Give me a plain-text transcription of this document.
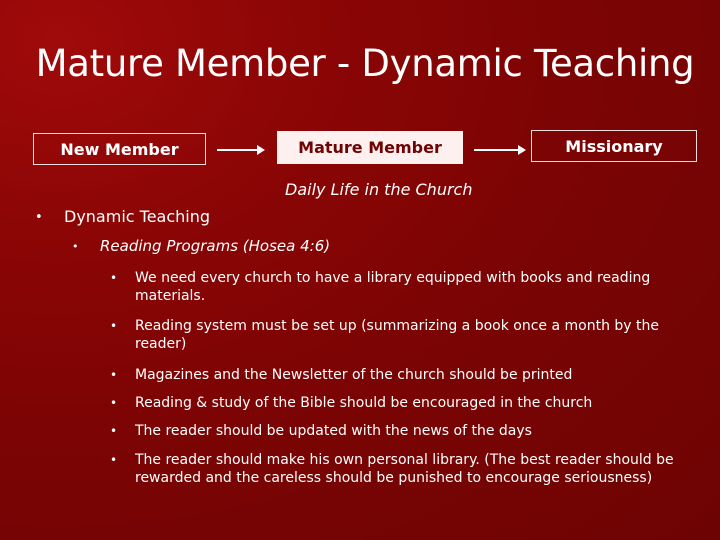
Mature Member - Dynamic Teaching
New Member	Mature Member	Missionary
Daily Life in the Church
• Dynamic Teaching
• Reading Programs (Hosea 4:6)
•	We need every church to have a library equipped with books and reading materials.
•	Reading system must be set up (summarizing a book once a month by the reader)
•	Magazines and the Newsletter of the church should be printed
•	Reading & study of the Bible should be encouraged in the church
•	The reader should be updated with the news of the days
•	The reader should make his own personal library. (The best reader should be rewarded and the careless should be punished to encourage seriousness)
